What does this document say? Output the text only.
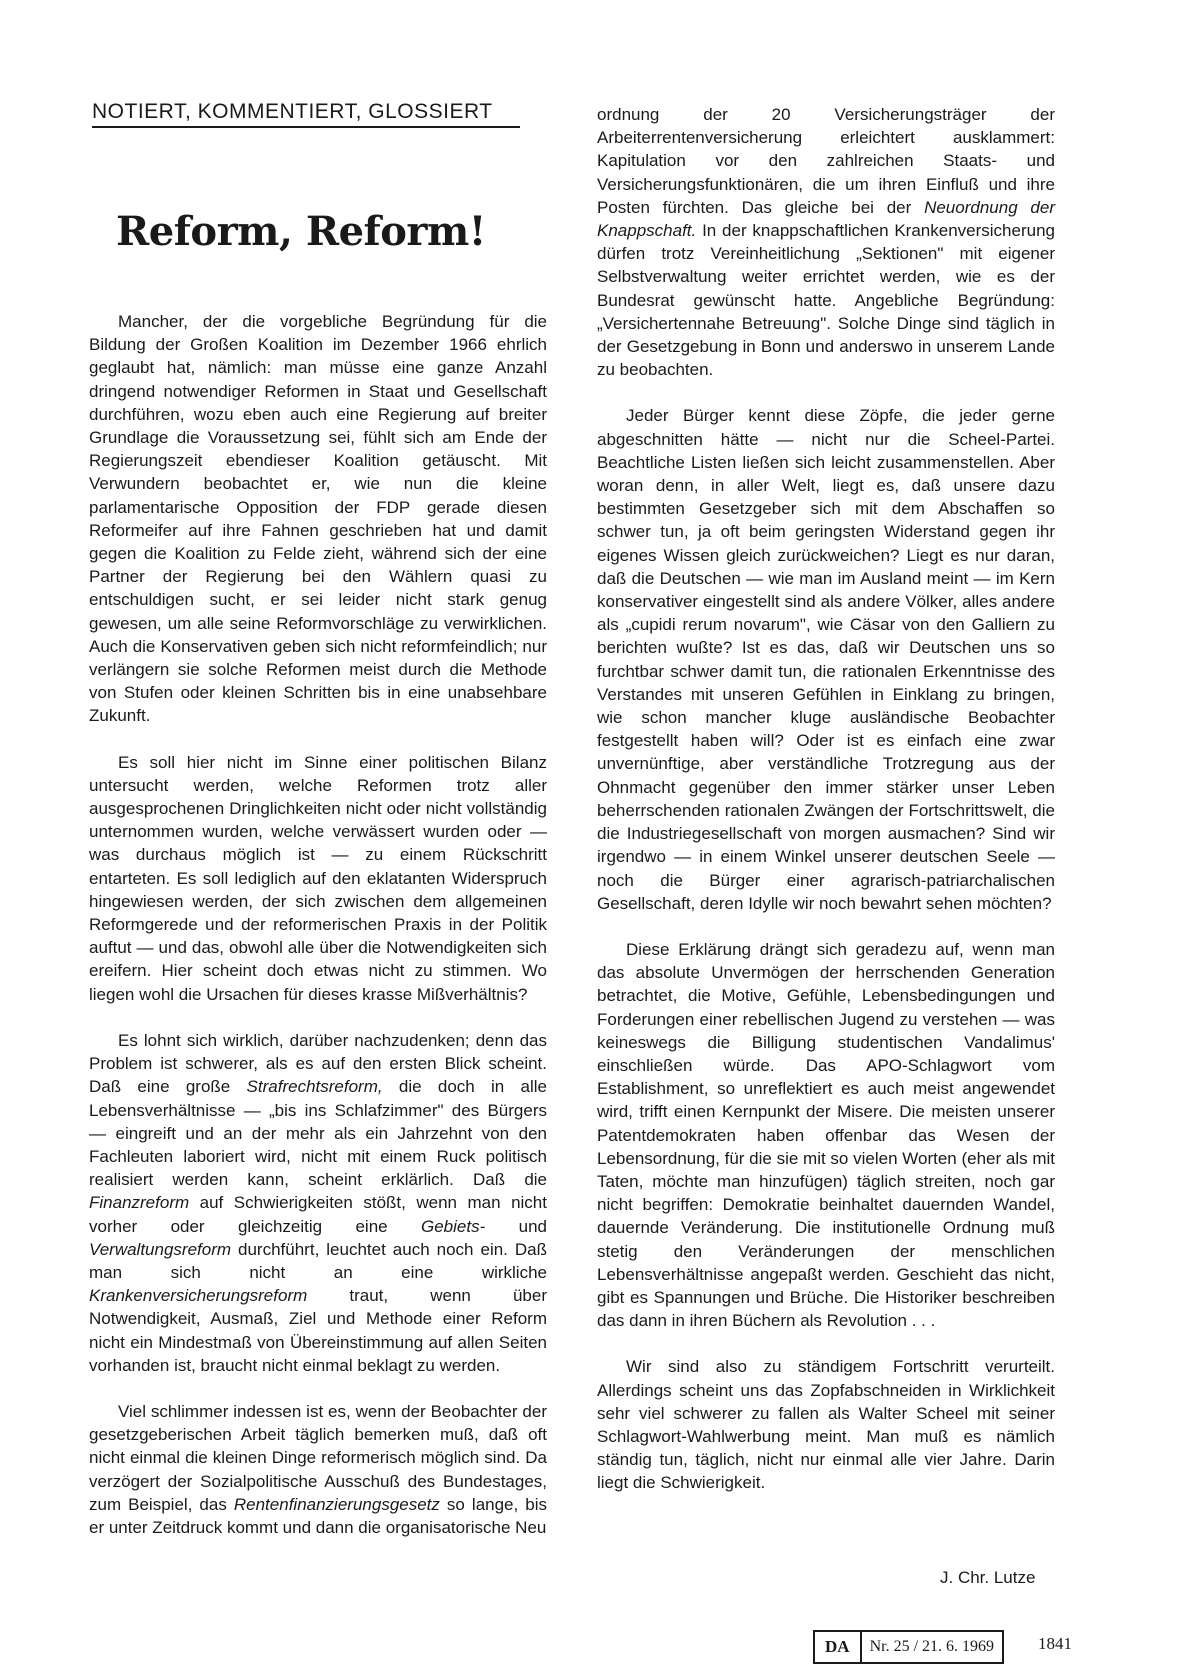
NOTIERT, KOMMENTIERT, GLOSSIERT
Reform, Reform!

Mancher, der die vorgebliche Begründung für die Bildung der Großen Koalition im Dezember 1966 ehrlich geglaubt hat, nämlich: man müsse eine ganze Anzahl dringend notwendiger Reformen in Staat und Gesellschaft durchführen, wozu eben auch eine Regierung auf breiter Grundlage die Voraussetzung sei, fühlt sich am Ende der Regierungszeit ebendieser Koalition getäuscht. Mit Verwundern beobachtet er, wie nun die kleine parlamentarische Opposition der FDP gerade diesen Reformeifer auf ihre Fahnen geschrieben hat und damit gegen die Koalition zu Felde zieht, während sich der eine Partner der Regierung bei den Wählern quasi zu entschuldigen sucht, er sei leider nicht stark genug gewesen, um alle seine Reformvorschläge zu verwirklichen. Auch die Konservativen geben sich nicht reformfeindlich; nur verlängern sie solche Reformen meist durch die Methode von Stufen oder kleinen Schritten bis in eine unabsehbare Zukunft.

Es soll hier nicht im Sinne einer politischen Bilanz untersucht werden, welche Reformen trotz aller ausgesprochenen Dringlichkeiten nicht oder nicht vollständig unternommen wurden, welche verwässert wurden oder — was durchaus möglich ist — zu einem Rückschritt entarteten. Es soll lediglich auf den eklatanten Widerspruch hingewiesen werden, der sich zwischen dem allgemeinen Reformgerede und der reformerischen Praxis in der Politik auftut — und das, obwohl alle über die Notwendigkeiten sich ereifern. Hier scheint doch etwas nicht zu stimmen. Wo liegen wohl die Ursachen für dieses krasse Mißverhältnis?

Es lohnt sich wirklich, darüber nachzudenken; denn das Problem ist schwerer, als es auf den ersten Blick scheint. Daß eine große Strafrechtsreform, die doch in alle Lebensverhältnisse — „bis ins Schlafzimmer" des Bürgers — eingreift und an der mehr als ein Jahrzehnt von den Fachleuten laboriert wird, nicht mit einem Ruck politisch realisiert werden kann, scheint erklärlich. Daß die Finanzreform auf Schwierigkeiten stößt, wenn man nicht vorher oder gleichzeitig eine Gebiets- und Verwaltungsreform durchführt, leuchtet auch noch ein. Daß man sich nicht an eine wirkliche Krankenversicherungsreform traut, wenn über Notwendigkeit, Ausmaß, Ziel und Methode einer Reform nicht ein Mindestmaß von Übereinstimmung auf allen Seiten vorhanden ist, braucht nicht einmal beklagt zu werden.

Viel schlimmer indessen ist es, wenn der Beobachter der gesetzgeberischen Arbeit täglich bemerken muß, daß oft nicht einmal die kleinen Dinge reformerisch möglich sind. Da verzögert der Sozialpolitische Ausschuß des Bundestages, zum Beispiel, das Rentenfinanzierungsgesetz so lange, bis er unter Zeitdruck kommt und dann die organisatorische Neu

ordnung der 20 Versicherungsträger der Arbeiterrentenversicherung erleichtert ausklammert: Kapitulation vor den zahlreichen Staats- und Versicherungsfunktionären, die um ihren Einfluß und ihre Posten fürchten. Das gleiche bei der Neuordnung der Knappschaft. In der knappschaftlichen Krankenversicherung dürfen trotz Vereinheitlichung „Sektionen" mit eigener Selbstverwaltung weiter errichtet werden, wie es der Bundesrat gewünscht hatte. Angebliche Begründung: „Versichertennahe Betreuung". Solche Dinge sind täglich in der Gesetzgebung in Bonn und anderswo in unserem Lande zu beobachten.

Jeder Bürger kennt diese Zöpfe, die jeder gerne abgeschnitten hätte — nicht nur die Scheel-Partei. Beachtliche Listen ließen sich leicht zusammenstellen. Aber woran denn, in aller Welt, liegt es, daß unsere dazu bestimmten Gesetzgeber sich mit dem Abschaffen so schwer tun, ja oft beim geringsten Widerstand gegen ihr eigenes Wissen gleich zurückweichen? Liegt es nur daran, daß die Deutschen — wie man im Ausland meint — im Kern konservativer eingestellt sind als andere Völker, alles andere als „cupidi rerum novarum", wie Cäsar von den Galliern zu berichten wußte? Ist es das, daß wir Deutschen uns so furchtbar schwer damit tun, die rationalen Erkenntnisse des Verstandes mit unseren Gefühlen in Einklang zu bringen, wie schon mancher kluge ausländische Beobachter festgestellt haben will? Oder ist es einfach eine zwar unvernünftige, aber verständliche Trotzregung aus der Ohnmacht gegenüber den immer stärker unser Leben beherrschenden rationalen Zwängen der Fortschrittswelt, die die Industriegesellschaft von morgen ausmachen? Sind wir irgendwo — in einem Winkel unserer deutschen Seele — noch die Bürger einer agrarisch-patriarchalischen Gesellschaft, deren Idylle wir noch bewahrt sehen möchten?

Diese Erklärung drängt sich geradezu auf, wenn man das absolute Unvermögen der herrschenden Generation betrachtet, die Motive, Gefühle, Lebensbedingungen und Forderungen einer rebellischen Jugend zu verstehen — was keineswegs die Billigung studentischen Vandalimus' einschließen würde. Das APO-Schlagwort vom Establishment, so unreflektiert es auch meist angewendet wird, trifft einen Kernpunkt der Misere. Die meisten unserer Patentdemokraten haben offenbar das Wesen der Lebensordnung, für die sie mit so vielen Worten (eher als mit Taten, möchte man hinzufügen) täglich streiten, noch gar nicht begriffen: Demokratie beinhaltet dauernden Wandel, dauernde Veränderung. Die institutionelle Ordnung muß stetig den Veränderungen der menschlichen Lebensverhältnisse angepaßt werden. Geschieht das nicht, gibt es Spannungen und Brüche. Die Historiker beschreiben das dann in ihren Büchern als Revolution . . .

Wir sind also zu ständigem Fortschritt verurteilt. Allerdings scheint uns das Zopfabschneiden in Wirklichkeit sehr viel schwerer zu fallen als Walter Scheel mit seiner Schlagwort-Wahlwerbung meint. Man muß es nämlich ständig tun, täglich, nicht nur einmal alle vier Jahre. Darin liegt die Schwierigkeit.

J. Chr. Lutze
DA	Nr. 25 / 21. 6. 1969	1841
